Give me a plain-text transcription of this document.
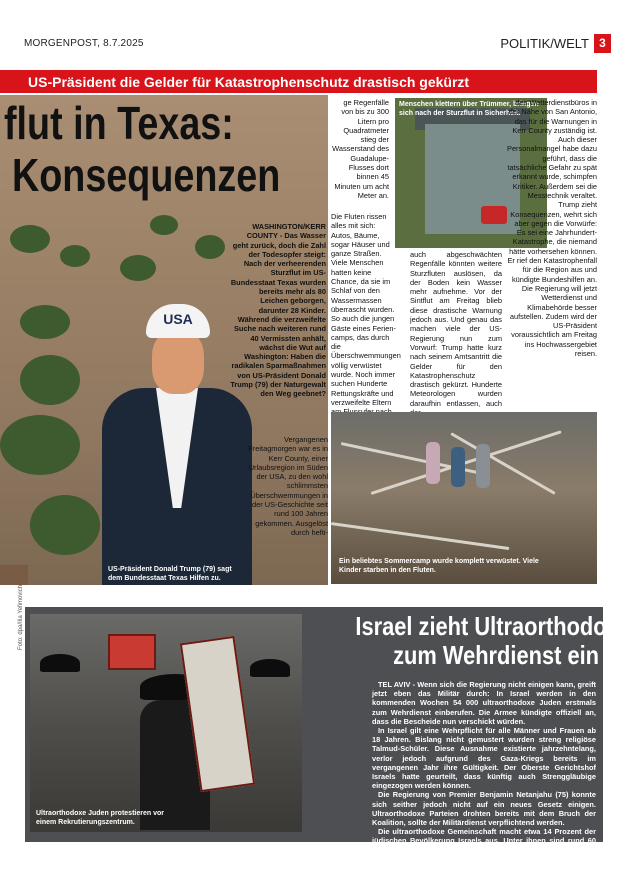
MORGENPOST, 8.7.2025	POLITIK/WELT 3
US-Präsident die Gelder für Katastrophenschutz drastisch gekürzt
flut in Texas:
Konsequenzen
USA
WASHINGTON/KERR COUNTY - Das Wasser geht zurück, doch die Zahl der Todesopfer steigt: Nach der verheerenden Sturzflut im US-Bundesstaat Texas wurden bereits mehr als 80 Leichen geborgen, darunter 28 Kinder. Während die verzweifelte Suche nach weiteren rund 40 Vermissten anhält, wächst die Wut auf Washington: Haben die radikalen Sparmaßnahmen von US-Präsident Donald Trump (79) der Naturgewalt den Weg geebnet?
Vergangenen Freitagmorgen war es in Kerr County, einer Urlaubsregion im Süden der USA, zu den wohl schlimmsten Überschwemmungen in der US-Geschichte seit rund 100 Jahren gekommen. Ausgelöst durch hefti-
US-Präsident Donald Trump (79) sagt dem Bundesstaat Texas Hilfen zu.
ge Regenfälle von bis zu 300 Litern pro Quadratmeter stieg der Wasserstand des Guadalupe-Flusses dort binnen 45 Minuten um acht Meter an.
Die Fluten rissen alles mit sich: Autos, Bäume, sogar Häuser und ganze Straßen. Viele Menschen hatten keine Chance, da sie im Schlaf von den Wassermassen überrascht wurden. So auch die jungen Gäste eines Ferien-camps, das durch die Überschwemmungen völlig verwüstet wurde. Noch immer suchen Hunderte Rettungskräfte und verzweifelte Eltern
Menschen klettern über Trümmer, bringen sich nach der Sturzflut in Sicherheit.
auch abgeschwächten Regenfälle könnten weitere Sturzfluten auslösen, da der Boden kein Wasser mehr aufnehme. Vor der Sintflut am Freitag blieb diese drastische Warnung jedoch aus. Und genau das machen viele der US-Regierung nun zum Vorwurf: Trump hatte kurz nach seinem Amtsantritt die Gelder für den Katastrophenschutz drastisch gekürzt. Hunderte Meteorologen wurden daraufhin entlassen, auch
des Wetterdienstbüros in der Nähe von San Antonio, das für die Warnungen in Kerr County zuständig ist. Auch dieser Personalmangel habe dazu geführt, dass die tatsächliche Gefahr zu spät erkannt wurde, schimpfen Kritiker. Außerdem sei die Messtechnik veraltet. Trump zieht Konsequenzen, wehrt sich aber gegen die Vorwürfe: Es sei eine Jahrhundert-Katastrophe, die niemand hätte vorhersehen können. Er rief den Katastrophenfall für die Region aus und kündigte Bundeshilfen an. Die Regierung will jetzt Wetterdienst und Klimabehörde besser aufstellen. Zudem wird der US-Präsident voraussichtlich am Freitag ins Hochwassergebiet reisen.
Ein beliebtes Sommercamp wurde komplett verwüstet. Viele Kinder starben in den Fluten.
Foto: dpa/Ilia Yefimovich
Ultraorthodoxe Juden protestieren vor einem Rekrutierungszentrum.
Israel zieht Ultraorthodoxe
zum Wehrdienst ein

TEL AVIV - Wenn sich die Regierung nicht einigen kann, greift jetzt eben das Militär durch: In Israel werden in den kommenden Wochen 54 000 ultraorthodoxe Juden erstmals zum Wehrdienst einberufen. Die Armee kündigte offiziell an, dass die Bescheide nun verschickt würden.

In Israel gilt eine Wehrpflicht für alle Männer und Frauen ab 18 Jahren. Bislang nicht gemustert wurden streng religiöse Talmud-Schüler. Diese Ausnahme existierte jahrzehntelang, verlor jedoch aufgrund des Gaza-Kriegs bereits im vergangenen Jahr ihre Gültigkeit. Der Oberste Gerichtshof Israels hatte geurteilt, dass künftig auch Strenggläubige eingezogen werden können.

Die Regierung von Premier Benjamin Netanjahu (75) konnte sich seither jedoch nicht auf ein neues Gesetz einigen. Ultraorthodoxe Parteien drohten bereits mit dem Bruch der Koalition, sollte der Militärdienst verpflichtend werden.

Die ultraorthodoxe Gemeinschaft macht etwa 14 Prozent der jüdischen Bevölkerung Israels aus. Unter ihnen sind rund 60 000 junge Männer im wehrfähigen Alter. Viele von ihnen lehnen den Militärdienst aus religiösen Gründen ab.
